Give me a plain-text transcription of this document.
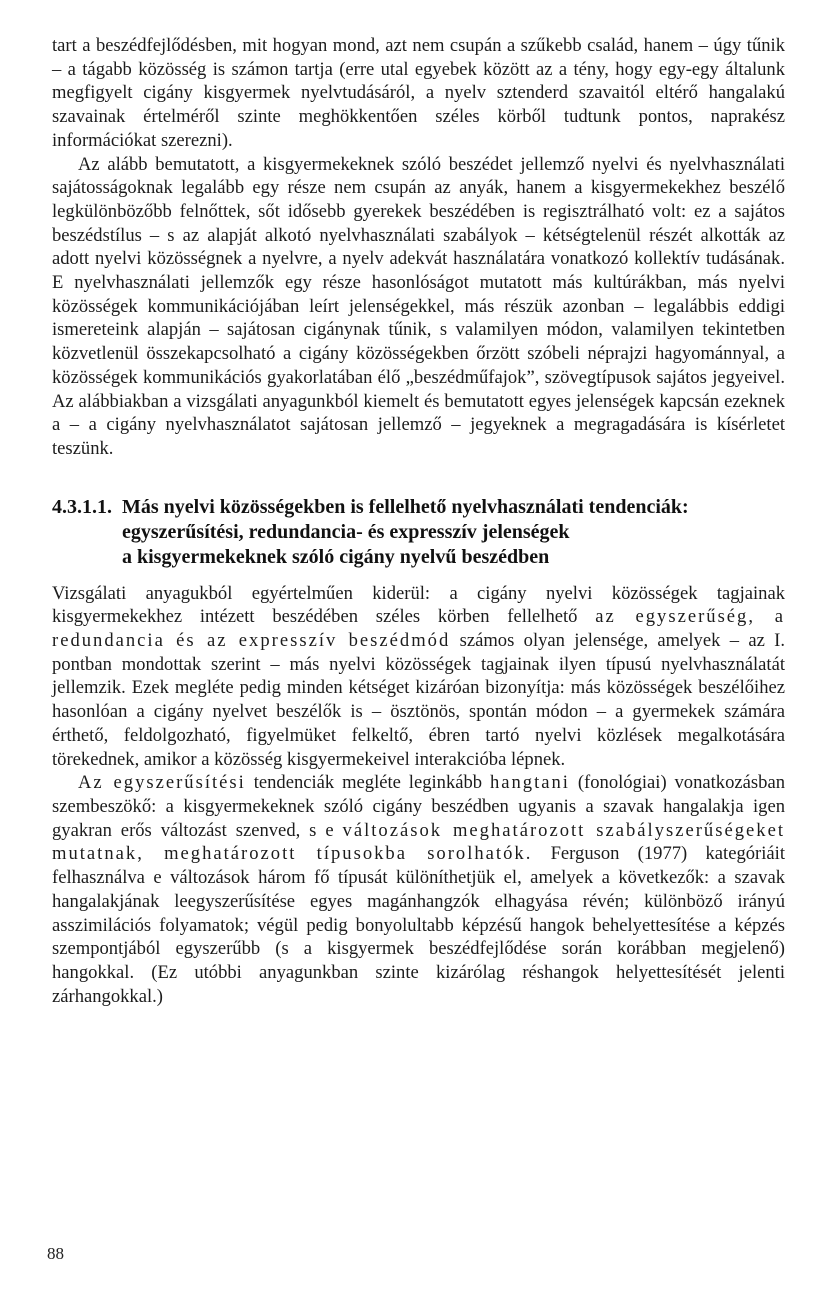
tart a beszédfejlődésben, mit hogyan mond, azt nem csupán a szűkebb család, hanem – úgy tűnik – a tágabb közösség is számon tartja (erre utal egyebek között az a tény, hogy egy-egy általunk megfigyelt cigány kisgyermek nyelvtudásáról, a nyelv sztenderd szavaitól eltérő hangalakú szavainak értelméről szinte meghökkentően széles körből tudtunk pontos, naprakész információkat szerezni).

Az alább bemutatott, a kisgyermekeknek szóló beszédet jellemző nyelvi és nyelvhasználati sajátosságoknak legalább egy része nem csupán az anyák, hanem a kisgyermekekhez beszélő legkülönbözőbb felnőttek, sőt idősebb gyerekek beszédében is regisztrálható volt: ez a sajátos beszédstílus – s az alapját alkotó nyelvhasználati szabályok – kétségtelenül részét alkották az adott nyelvi közösségnek a nyelvre, a nyelv adekvát használatára vonatkozó kollektív tudásának. E nyelvhasználati jellemzők egy része hasonlóságot mutatott más kultúrákban, más nyelvi közösségek kommunikációjában leírt jelenségekkel, más részük azonban – legalábbis eddigi ismereteink alapján – sajátosan cigánynak tűnik, s valamilyen módon, valamilyen tekintetben közvetlenül összekapcsolható a cigány közösségekben őrzött szóbeli néprajzi hagyománnyal, a közösségek kommunikációs gyakorlatában élő „beszédműfajok”, szövegtípusok sajátos jegyeivel. Az alábbiakban a vizsgálati anyagunkból kiemelt és bemutatott egyes jelenségek kapcsán ezeknek a – a cigány nyelvhasználatot sajátosan jellemző – jegyeknek a megragadására is kísérletet teszünk.

4.3.1.1. Más nyelvi közösségekben is fellelhető nyelvhasználati tendenciák:
egyszerűsítési, redundancia- és expresszív jelenségek
a kisgyermekeknek szóló cigány nyelvű beszédben

Vizsgálati anyagukból egyértelműen kiderül: a cigány nyelvi közösségek tagjainak kisgyermekekhez intézett beszédében széles körben fellelhető az egyszerűség, a redundancia és az expresszív beszédmód számos olyan jelensége, amelyek – az I. pontban mondottak szerint – más nyelvi közösségek tagjainak ilyen típusú nyelvhasználatát jellemzik. Ezek megléte pedig minden kétséget kizáróan bizonyítja: más közösségek beszélőihez hasonlóan a cigány nyelvet beszélők is – ösztönös, spontán módon – a gyermekek számára érthető, feldolgozható, figyelmüket felkeltő, ébren tartó nyelvi közlések megalkotására törekednek, amikor a közösség kisgyermekeivel interakcióba lépnek.

Az egyszerűsítési tendenciák megléte leginkább hangtani (fonológiai) vonatkozásban szembeszökő: a kisgyermekeknek szóló cigány beszédben ugyanis a szavak hangalakja igen gyakran erős változást szenved, s e változások meghatározott szabályszerűségeket mutatnak, meghatározott típusokba sorolhatók. Ferguson (1977) kategóriáit felhasználva e változások három fő típusát különíthetjük el, amelyek a következők: a szavak hangalakjának leegyszerűsítése egyes magánhangzók elhagyása révén; különböző irányú asszimilációs folyamatok; végül pedig bonyolultabb képzésű hangok behelyettesítése a képzés szempontjából egyszerűbb (s a kisgyermek beszédfejlődése során korábban megjelenő) hangokkal. (Ez utóbbi anyagunkban szinte kizárólag réshangok helyettesítését jelenti zárhangokkal.)

88
